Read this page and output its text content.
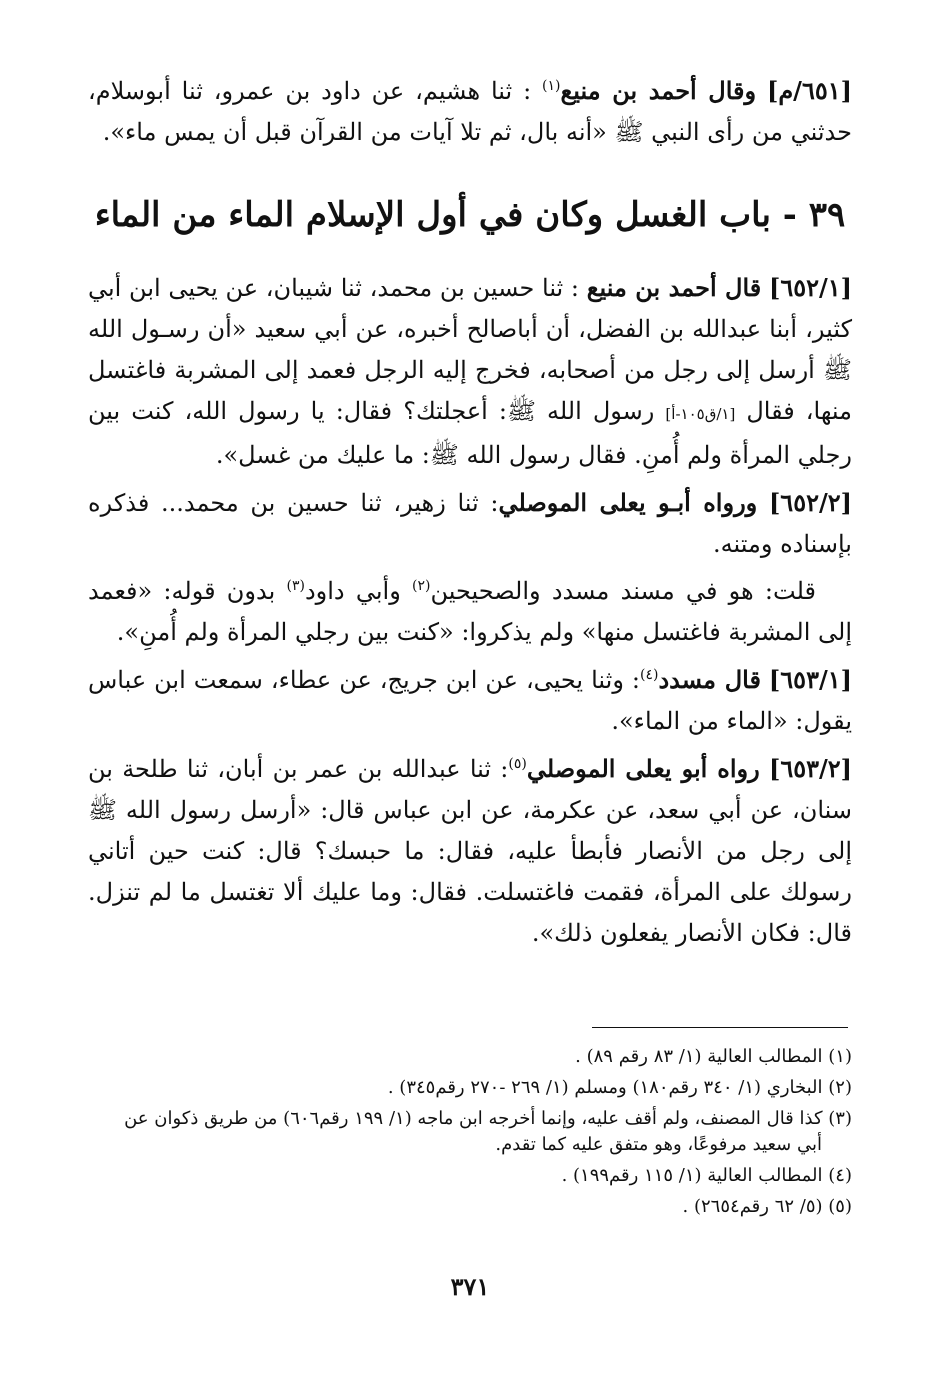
[٦٥١/م] وقال أحمد بن منيع$^{(١)}$ : ثنا هشيم، عن داود بن عمرو، ثنا أبوسلام، حدثني من رأى النبي ﷺ «أنه بال، ثم تلا آيات من القرآن قبل أن يمس ماء».

٣٩ - باب الغسل وكان في أول الإسلام الماء من الماء

[٦٥٢/١] قال أحمد بن منيع : ثنا حسين بن محمد، ثنا شيبان، عن يحيى ابن أبي كثير، أبنا عبدالله بن الفضل، أن أباصالح أخبره، عن أبي سعيد «أن رسـول الله ﷺ أرسل إلى رجل من أصحابه، فخرج إليه الرجل فعمد إلى المشربة فاغتسل منها، فقال [١/ق١٠٥-أ] رسول الله ﷺ: أعجلتك؟ فقال: يا رسول الله، كنت بين رجلي المرأة ولم أُمنِ. فقال رسول الله ﷺ: ما عليك من غسل».

[٦٥٢/٢] ورواه أبـو يعلى الموصلي: ثنا زهير، ثنا حسين بن محمد... فذكره بإسناده ومتنه.

قلت: هو في مسند مسدد والصحيحين$^{(٢)}$ وأبي داود$^{(٣)}$ بدون قوله: «فعمد إلى المشربة فاغتسل منها» ولم يذكروا: «كنت بين رجلي المرأة ولم أُمنِ».

[٦٥٣/١] قال مسدد$^{(٤)}$: وثنا يحيى، عن ابن جريج، عن عطاء، سمعت ابن عباس يقول: «الماء من الماء».

[٦٥٣/٢] رواه أبو يعلى الموصلي$^{(٥)}$: ثنا عبدالله بن عمر بن أبان، ثنا طلحة بن سنان، عن أبي سعد، عن عكرمة، عن ابن عباس قال: «أرسل رسول الله ﷺ إلى رجل من الأنصار فأبطأ عليه، فقال: ما حبسك؟ قال: كنت حين أتاني رسولك على المرأة، فقمت فاغتسلت. فقال: وما عليك ألا تغتسل ما لم تنزل. قال: فكان الأنصار يفعلون ذلك».

(١) المطالب العالية (١/ ٨٣ رقم ٨٩) .

(٢) البخاري (١/ ٣٤٠ رقم١٨٠) ومسلم (١/ ٢٦٩ -٢٧٠ رقم٣٤٥) .

(٣) كذا قال المصنف، ولم أقف عليه، وإنما أخرجه ابن ماجه (١/ ١٩٩ رقم٦٠٦) من طريق ذكوان عن
أبي سعيد مرفوعًا، وهو متفق عليه كما تقدم.

(٤) المطالب العالية (١/ ١١٥ رقم١٩٩) .

(٥) (٥/ ٦٢ رقم٢٦٥٤) .

٣٧١
